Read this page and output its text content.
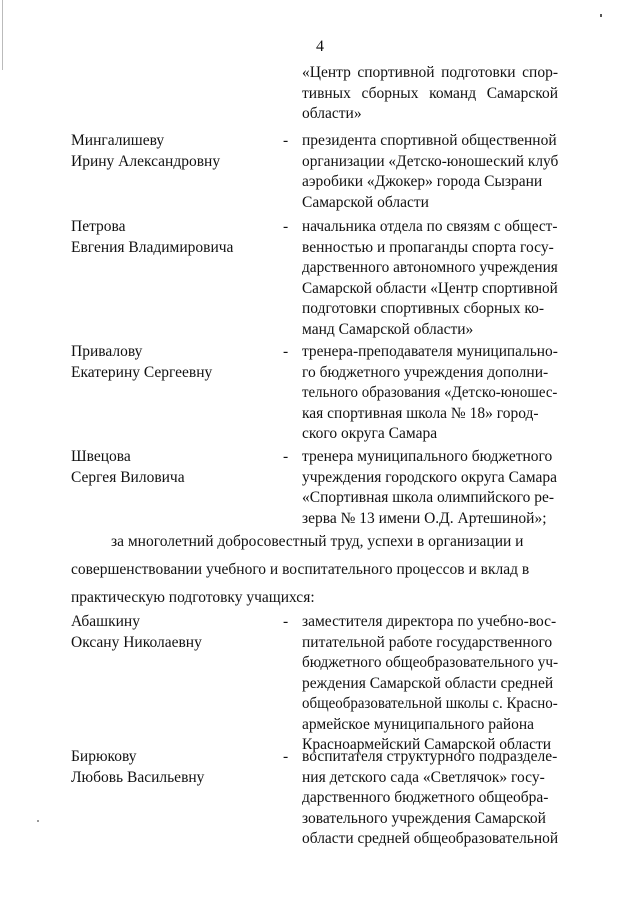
4
«Центр спортивной подготовки спор-
тивных сборных команд Самарской
области»
Мингалишеву
Ирину Александровну
- президента спортивной общественной
организации «Детско-юношеский клуб
аэробики «Джокер» города Сызрани
Самарской области
Петрова
Евгения Владимировича
- начальника отдела по связям с общест-
венностью и пропаганды спорта госу-
дарственного автономного учреждения
Самарской области «Центр спортивной
подготовки спортивных сборных ко-
манд Самарской области»
Привалову
Екатерину Сергеевну
- тренера-преподавателя муниципально-
го бюджетного учреждения дополни-
тельного образования «Детско-юношес-
кая спортивная школа № 18» город-
ского округа Самара
Швецова
Сергея Виловича
- тренера муниципального бюджетного
учреждения городского округа Самара
«Спортивная школа олимпийского ре-
зерва № 13 имени О.Д. Артешиной»;
за многолетний добросовестный труд, успехи в организации и
совершенствовании учебного и воспитательного процессов и вклад в
практическую подготовку учащихся:
Абашкину
Оксану Николаевну
- заместителя директора по учебно-вос-
питательной работе государственного
бюджетного общеобразовательного уч-
реждения Самарской области средней
общеобразовательной школы с. Красно-
армейское муниципального района
Красноармейский Самарской области
Бирюкову
Любовь Васильевну
- воспитателя структурного подразделе-
ния детского сада «Светлячок» госу-
дарственного бюджетного общеобра-
зовательного учреждения Самарской
области средней общеобразовательной
